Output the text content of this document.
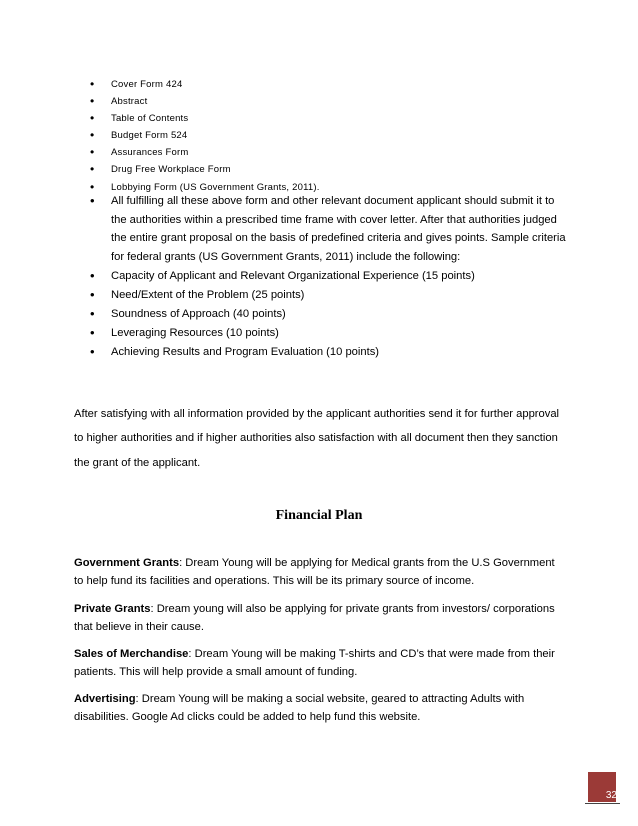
• Cover Form 424
• Abstract
• Table of Contents
• Budget Form 524
• Assurances Form
• Drug Free Workplace Form
• Lobbying Form (US Government Grants, 2011).
• All fulfilling all these above form and other relevant document applicant should submit it to the authorities within a prescribed time frame with cover letter. After that authorities judged the entire grant proposal on the basis of predefined criteria and gives points. Sample criteria for federal grants (US Government Grants, 2011) include the following:
• Capacity of Applicant and Relevant Organizational Experience (15 points)
• Need/Extent of the Problem (25 points)
• Soundness of Approach (40 points)
• Leveraging Resources (10 points)
• Achieving Results and Program Evaluation (10 points)

After satisfying with all information provided by the applicant authorities send it for further approval to higher authorities and if higher authorities also satisfaction with all document then they sanction the grant of the applicant.

Financial Plan

Government Grants: Dream Young will be applying for Medical grants from the U.S Government to help fund its facilities and operations. This will be its primary source of income.

Private Grants: Dream young will also be applying for private grants from investors/ corporations that believe in their cause.

Sales of Merchandise: Dream Young will be making T-shirts and CD’s that were made from their patients. This will help provide a small amount of funding.

Advertising: Dream Young will be making a social website, geared to attracting Adults with disabilities. Google Ad clicks could be added to help fund this website.

32
